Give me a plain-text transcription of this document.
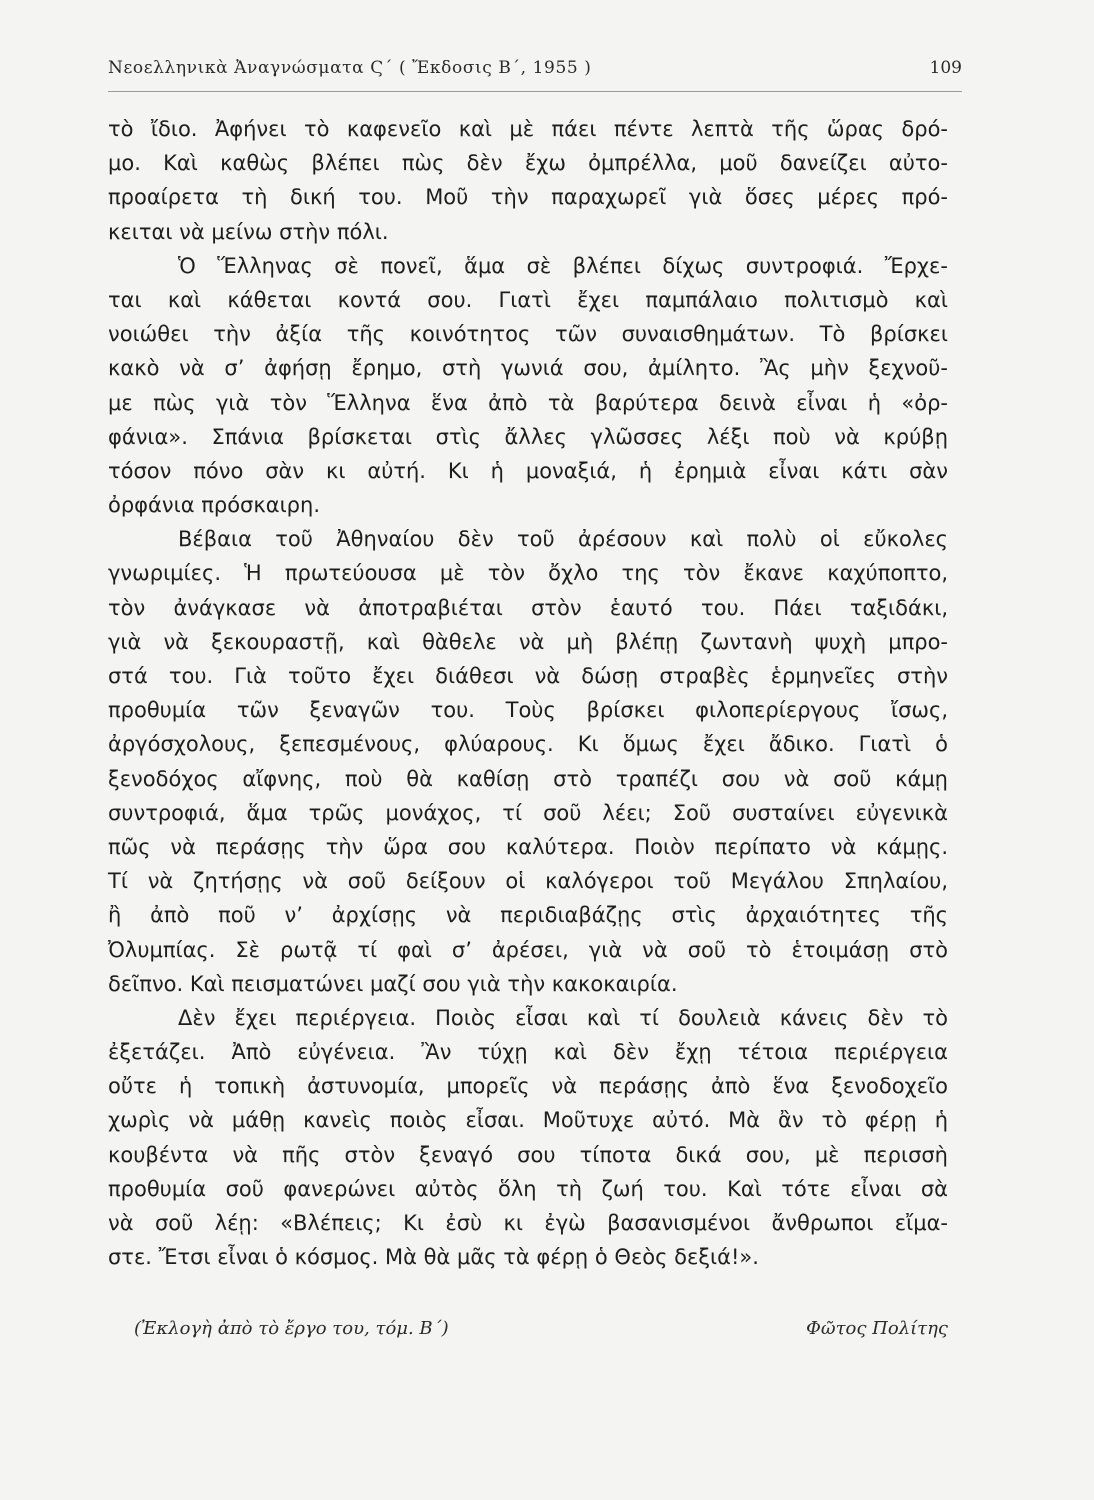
Νεοελληνικὰ Ἀναγνώσματα Ϛ΄ ( Ἔκδοσις Β΄, 1955 )	109
τὸ ἴδιο. Ἀφήνει τὸ καφενεῖο καὶ μὲ πάει πέντε λεπτὰ τῆς ὥρας δρό-
μο. Καὶ καθὼς βλέπει πὼς δὲν ἔχω ὀμπρέλλα, μοῦ δανείζει αὐτο-
προαίρετα τὴ δική του. Μοῦ τὴν παραχωρεῖ γιὰ ὅσες μέρες πρό-
κειται νὰ μείνω στὴν πόλι.
Ὁ Ἕλληνας σὲ πονεῖ, ἅμα σὲ βλέπει δίχως συντροφιά. Ἔρχε-
ται καὶ κάθεται κοντά σου. Γιατὶ ἔχει παμπάλαιο πολιτισμὸ καὶ
νοιώθει τὴν ἀξία τῆς κοινότητος τῶν συναισθημάτων. Τὸ βρίσκει
κακὸ νὰ σ’ ἀφήσῃ ἔρημο, στὴ γωνιά σου, ἀμίλητο. Ἂς μὴν ξεχνοῦ-
με πὼς γιὰ τὸν Ἕλληνα ἕνα ἀπὸ τὰ βαρύτερα δεινὰ εἶναι ἡ «ὀρ-
φάνια». Σπάνια βρίσκεται στὶς ἄλλες γλῶσσες λέξι ποὺ νὰ κρύβῃ
τόσον πόνο σὰν κι αὐτή. Κι ἡ μοναξιά, ἡ ἐρημιὰ εἶναι κάτι σὰν
ὀρφάνια πρόσκαιρη.
Βέβαια τοῦ Ἀθηναίου δὲν τοῦ ἀρέσουν καὶ πολὺ οἱ εὔκολες
γνωριμίες. Ἡ πρωτεύουσα μὲ τὸν ὄχλο της τὸν ἔκανε καχύποπτο,
τὸν ἀνάγκασε νὰ ἀποτραβιέται στὸν ἑαυτό του. Πάει ταξιδάκι,
γιὰ νὰ ξεκουραστῇ, καὶ θὰθελε νὰ μὴ βλέπῃ ζωντανὴ ψυχὴ μπρο-
στά του. Γιὰ τοῦτο ἔχει διάθεσι νὰ δώσῃ στραβὲς ἑρμηνεῖες στὴν
προθυμία τῶν ξεναγῶν του. Τοὺς βρίσκει φιλοπερίεργους ἴσως,
ἀργόσχολους, ξεπεσμένους, φλύαρους. Κι ὅμως ἔχει ἄδικο. Γιατὶ ὁ
ξενοδόχος αἴφνης, ποὺ θὰ καθίσῃ στὸ τραπέζι σου νὰ σοῦ κάμῃ
συντροφιά, ἅμα τρῶς μονάχος, τί σοῦ λέει; Σοῦ συσταίνει εὐγενικὰ
πῶς νὰ περάσῃς τὴν ὥρα σου καλύτερα. Ποιὸν περίπατο νὰ κάμῃς.
Τί νὰ ζητήσῃς νὰ σοῦ δείξουν οἱ καλόγεροι τοῦ Μεγάλου Σπηλαίου,
ἢ ἀπὸ ποῦ ν’ ἀρχίσῃς νὰ περιδιαβάζῃς στὶς ἀρχαιότητες τῆς
Ὀλυμπίας. Σὲ ρωτᾷ τί φαὶ σ’ ἀρέσει, γιὰ νὰ σοῦ τὸ ἑτοιμάσῃ στὸ
δεῖπνο. Καὶ πεισματώνει μαζί σου γιὰ τὴν κακοκαιρία.
Δὲν ἔχει περιέργεια. Ποιὸς εἶσαι καὶ τί δουλειὰ κάνεις δὲν τὸ
ἐξετάζει. Ἀπὸ εὐγένεια. Ἂν τύχῃ καὶ δὲν ἔχῃ τέτοια περιέργεια
οὔτε ἡ τοπικὴ ἀστυνομία, μπορεῖς νὰ περάσῃς ἀπὸ ἕνα ξενοδοχεῖο
χωρὶς νὰ μάθῃ κανεὶς ποιὸς εἶσαι. Μοῦτυχε αὐτό. Μὰ ἂν τὸ φέρῃ ἡ
κουβέντα νὰ πῆς στὸν ξεναγό σου τίποτα δικά σου, μὲ περισσὴ
προθυμία σοῦ φανερώνει αὐτὸς ὅλη τὴ ζωή του. Καὶ τότε εἶναι σὰ
νὰ σοῦ λέῃ: «Βλέπεις; Κι ἐσὺ κι ἐγὼ βασανισμένοι ἄνθρωποι εἴμα-
στε. Ἔτσι εἶναι ὁ κόσμος. Μὰ θὰ μᾶς τὰ φέρῃ ὁ Θεὸς δεξιά!».
(Ἐκλογὴ ἀπὸ τὸ ἔργο του, τόμ. Β΄)	Φῶτος Πολίτης
